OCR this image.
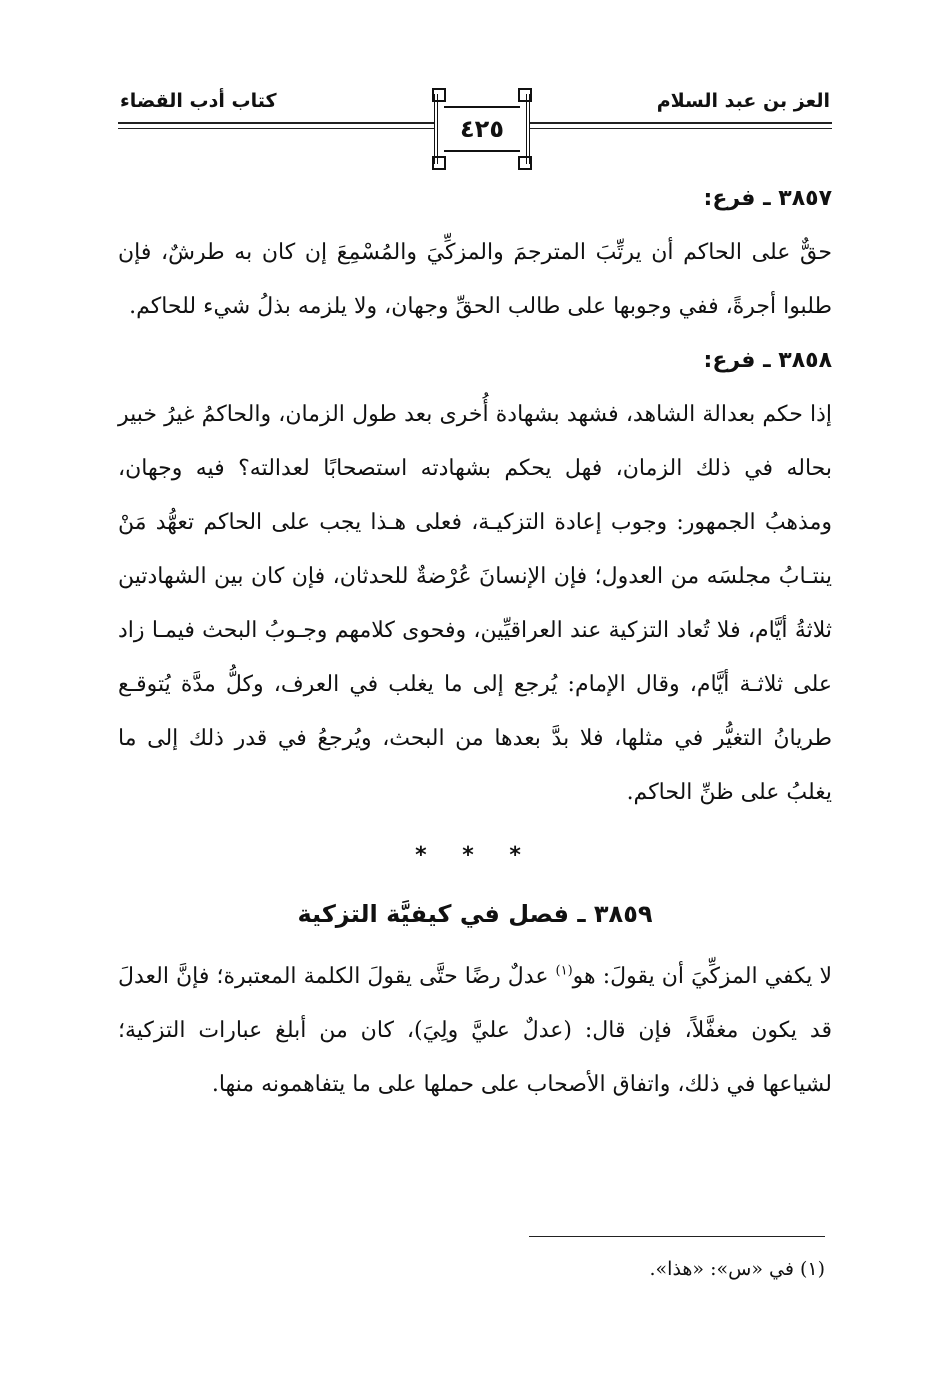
العز بن عبد السلام
كتاب أدب القضاء
٤٢٥
٣٨٥٧ ـ فرع:

حقٌّ على الحاكم أن يرتِّبَ المترجمَ والمزكِّيَ والمُسْمِعَ إن كان به طرشٌ، فإن طلبوا أجرةً، ففي وجوبها على طالب الحقِّ وجهان، ولا يلزمه بذلُ شيء للحاكم.

٣٨٥٨ ـ فرع:

إذا حكم بعدالة الشاهد، فشهد بشهادة أُخرى بعد طول الزمان، والحاكمُ غيرُ خبير بحاله في ذلك الزمان، فهل يحكم بشهادته استصحابًا لعدالته؟ فيه وجهان، ومذهبُ الجمهور: وجوب إعادة التزكيـة، فعلى هـذا يجب على الحاكم تعهُّد مَنْ ينتـابُ مجلسَه من العدول؛ فإن الإنسانَ عُرْضةٌ للحدثان، فإن كان بين الشهادتين ثلاثةُ أيَّام، فلا تُعاد التزكية عند العراقيِّين، وفحوى كلامهم وجـوبُ البحث فيمـا زاد على ثلاثـة أيَّام، وقال الإمام: يُرجع إلى ما يغلب في العرف، وكلُّ مدَّة يُتوقـع طريانُ التغيُّر في مثلها، فلا بدَّ بعدها من البحث، ويُرجعُ في قدر ذلك إلى ما يغلبُ على ظنِّ الحاكم.

* * *
٣٨٥٩ ـ فصل في كيفيَّة التزكية

لا يكفي المزكِّيَ أن يقولَ: هو$^{(١)}$ عدلٌ رضًا حتَّى يقولَ الكلمة المعتبرة؛ فإنَّ العدلَ قد يكون مغفَّلاً، فإن قال: (عدلٌ عليَّ ولِيَ)، كان من أبلغ عبارات التزكية؛ لشياعها في ذلك، واتفاق الأصحاب على حملها على ما يتفاهمونه منها.

(١) في «س»: «هذا».
